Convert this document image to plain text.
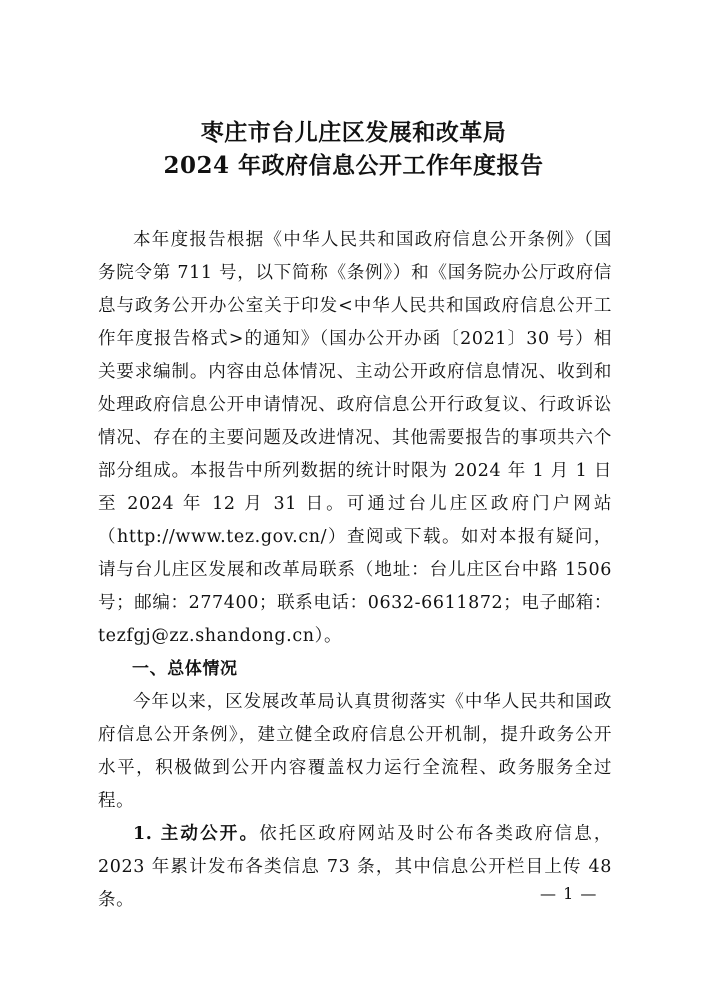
枣庄市台儿庄区发展和改革局
2024 年政府信息公开工作年度报告

本年度报告根据《中华人民共和国政府信息公开条例》（国务院令第 711 号，以下简称《条例》）和《国务院办公厅政府信息与政务公开办公室关于印发<中华人民共和国政府信息公开工作年度报告格式>的通知》（国办公开办函〔2021〕30 号）相关要求编制。内容由总体情况、主动公开政府信息情况、收到和处理政府信息公开申请情况、政府信息公开行政复议、行政诉讼情况、存在的主要问题及改进情况、其他需要报告的事项共六个部分组成。本报告中所列数据的统计时限为 2024 年 1 月 1 日至 2024 年 12 月 31 日。可通过台儿庄区政府门户网站（http://www.tez.gov.cn/）查阅或下载。如对本报有疑问，请与台儿庄区发展和改革局联系（地址：台儿庄区台中路 1506 号；邮编：277400；联系电话：0632-6611872；电子邮箱：tezfgj@zz.shandong.cn）。

一、总体情况

今年以来，区发展改革局认真贯彻落实《中华人民共和国政府信息公开条例》，建立健全政府信息公开机制，提升政务公开水平，积极做到公开内容覆盖权力运行全流程、政务服务全过程。

1. 主动公开。依托区政府网站及时公布各类政府信息，2023 年累计发布各类信息 73 条，其中信息公开栏目上传 48 条。	— 1 —
